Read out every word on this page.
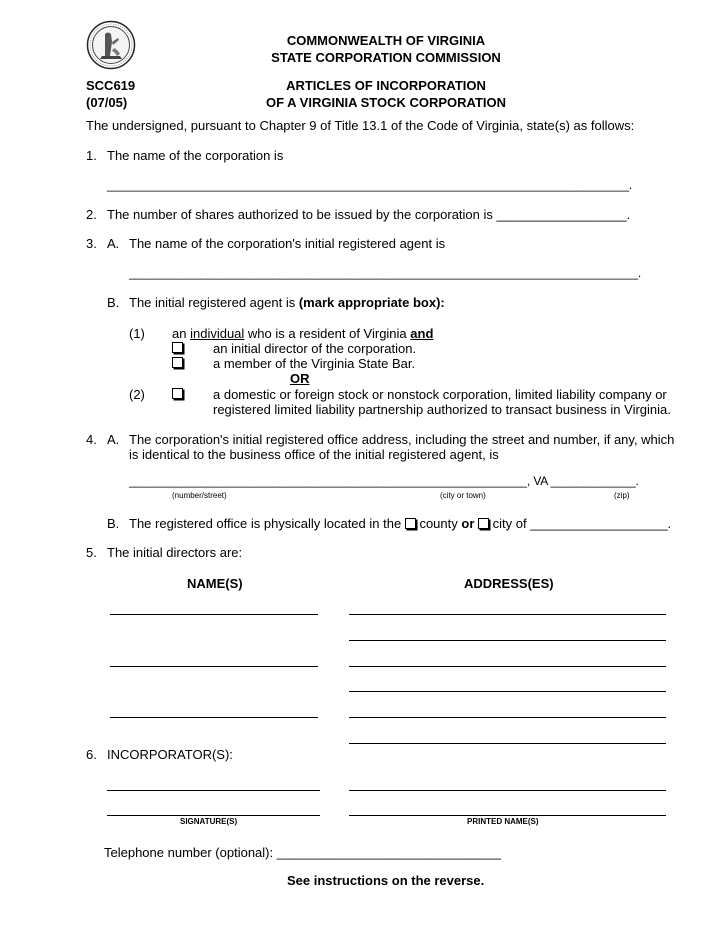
COMMONWEALTH OF VIRGINIA
STATE CORPORATION COMMISSION
SCC619	ARTICLES OF INCORPORATION
(07/05)	OF A VIRGINIA STOCK CORPORATION
The undersigned, pursuant to Chapter 9 of Title 13.1 of the Code of Virginia, state(s) as follows:
1. The name of the corporation is
________________________________________________________________________________.
2. The number of shares authorized to be issued by the corporation is __________________.
3. A. The name of the corporation's initial registered agent is
______________________________________________________________________________.
B. The initial registered agent is (mark appropriate box):
(1) an individual who is a resident of Virginia and
an initial director of the corporation.
a member of the Virginia State Bar.
OR
(2)	a domestic or foreign stock or nonstock corporation, limited liability company or
registered limited liability partnership authorized to transact business in Virginia.
4. A. The corporation's initial registered office address, including the street and number, if any, which
is identical to the business office of the initial registered agent, is
_____________________________________________________________, VA _____________.
(number/street)	(city or town)	(zip)
B. The registered office is physically located in the county or city of ___________________.
5. The initial directors are:
NAME(S)	ADDRESS(ES)
6. INCORPORATOR(S):
SIGNATURE(S)	PRINTED NAME(S)
Telephone number (optional): _______________________________
See instructions on the reverse.
